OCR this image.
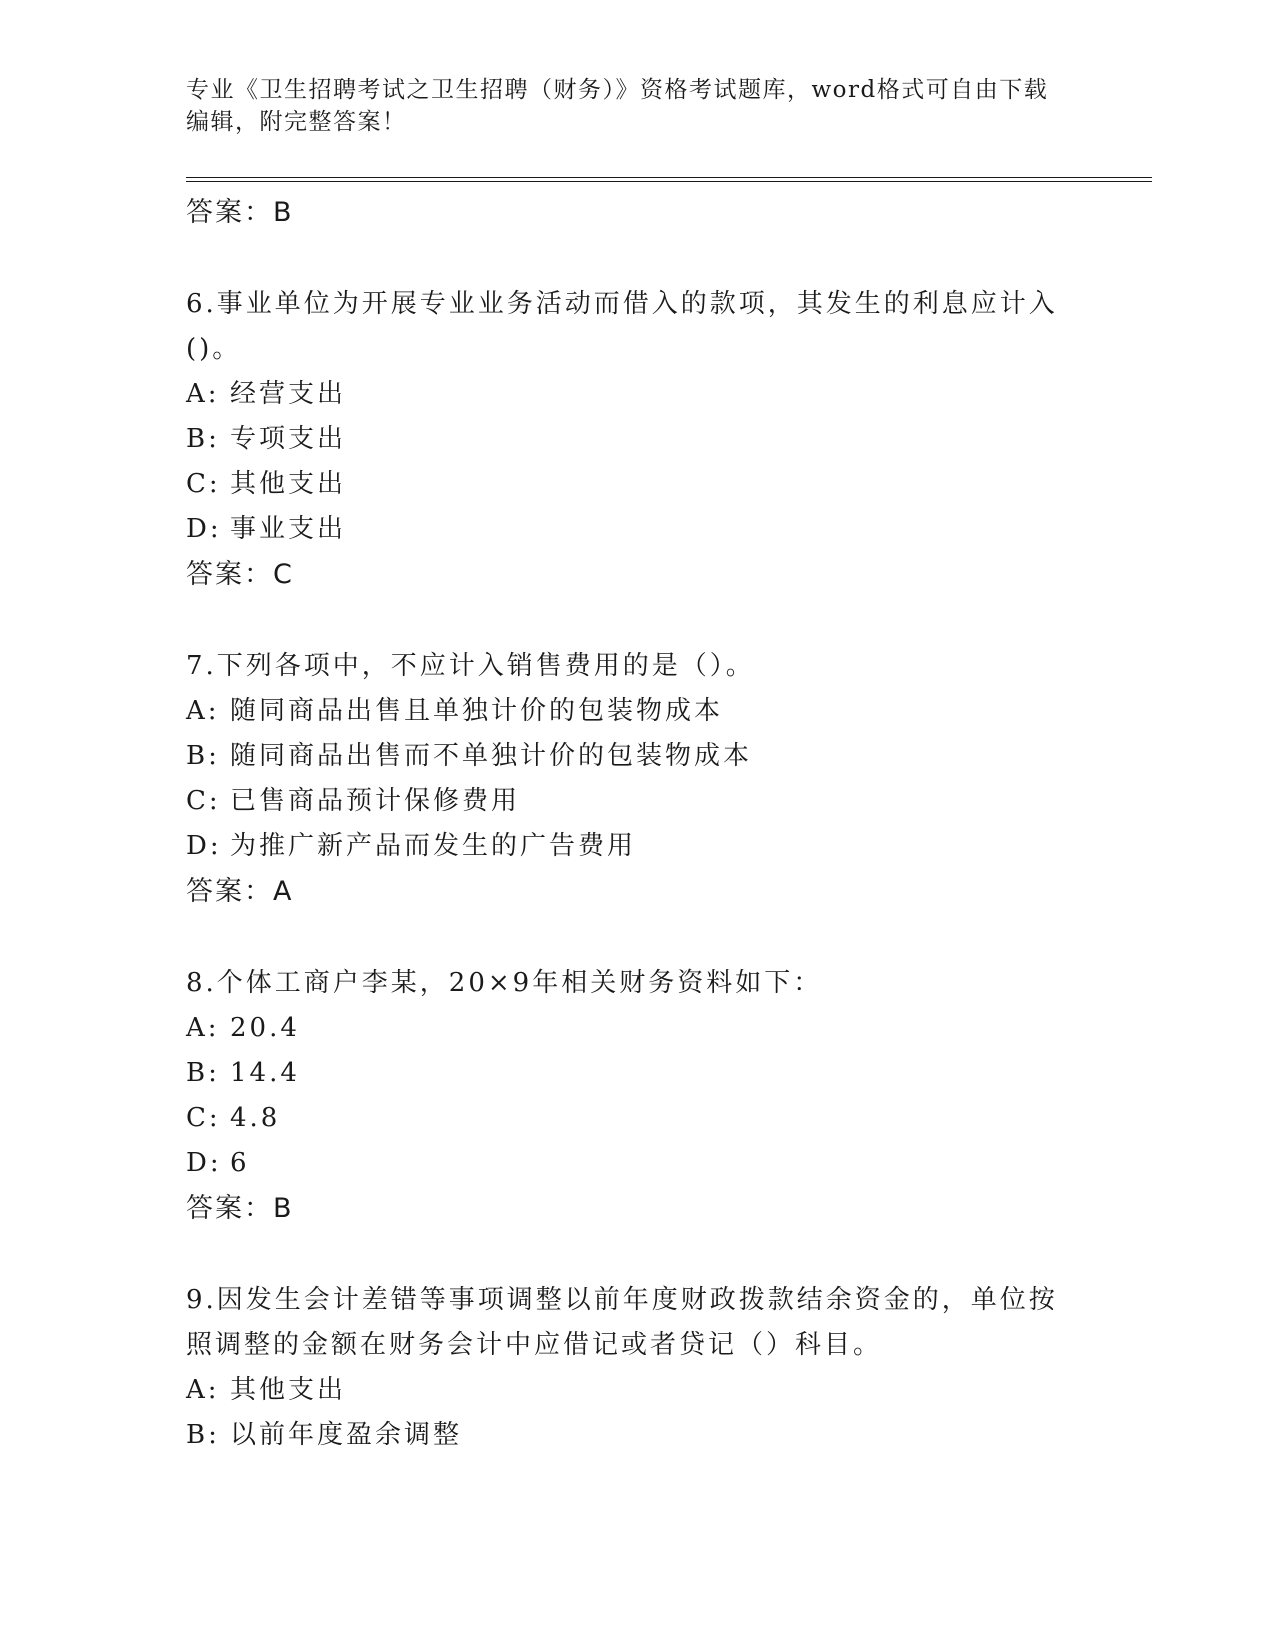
专业《卫生招聘考试之卫生招聘（财务）》资格考试题库，word格式可自由下载
编辑，附完整答案！
答案：B
6.事业单位为开展专业业务活动而借入的款项，其发生的利息应计入
()。
A: 经营支出
B: 专项支出
C: 其他支出
D: 事业支出
答案：C
7.下列各项中，不应计入销售费用的是（）。
A: 随同商品出售且单独计价的包装物成本
B: 随同商品出售而不单独计价的包装物成本
C: 已售商品预计保修费用
D: 为推广新产品而发生的广告费用
答案：A
8.个体工商户李某，20×9年相关财务资料如下：
A: 20.4
B: 14.4
C: 4.8
D: 6
答案：B
9.因发生会计差错等事项调整以前年度财政拨款结余资金的，单位按
照调整的金额在财务会计中应借记或者贷记（）科目。
A: 其他支出
B: 以前年度盈余调整
